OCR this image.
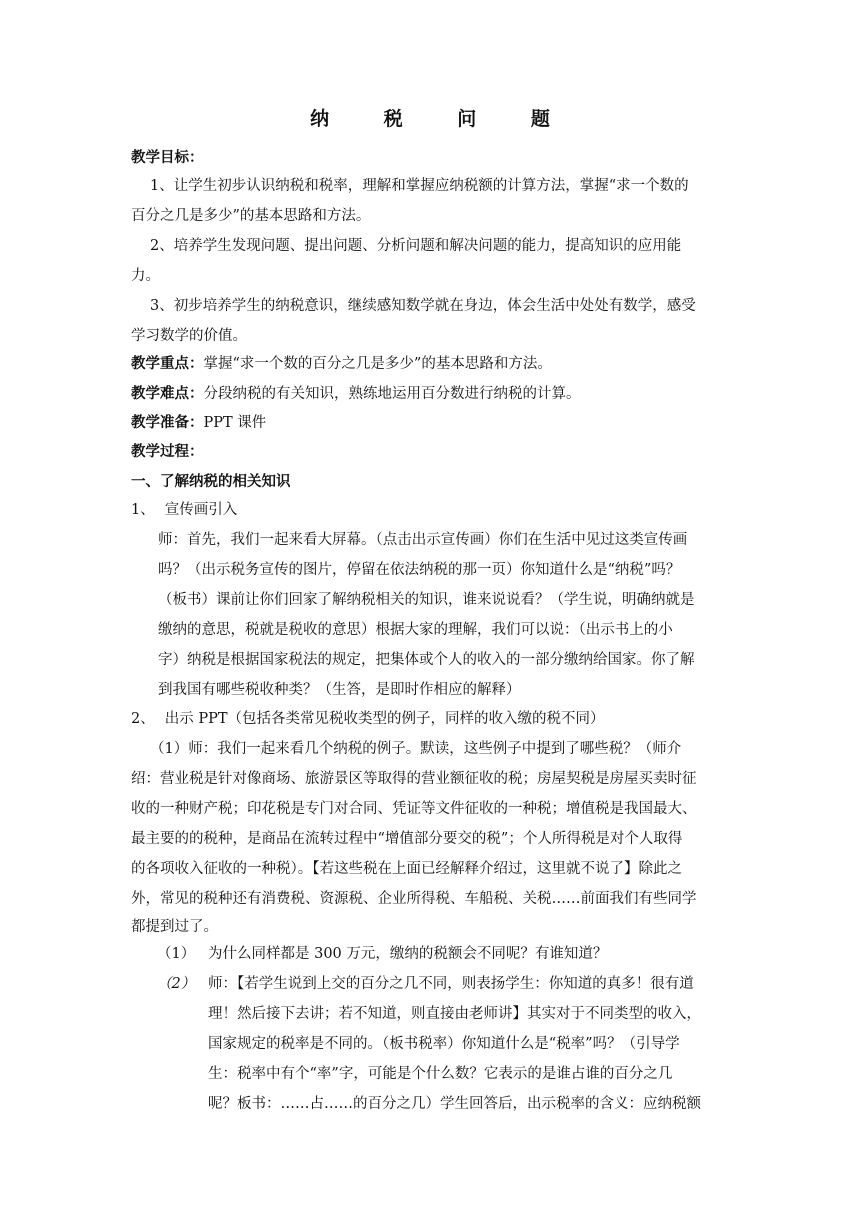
纳 税 问 题
教学目标：
1、让学生初步认识纳税和税率，理解和掌握应纳税额的计算方法，掌握“求一个数的
百分之几是多少”的基本思路和方法。
2、培养学生发现问题、提出问题、分析问题和解决问题的能力，提高知识的应用能
力。
3、初步培养学生的纳税意识，继续感知数学就在身边，体会生活中处处有数学，感受
学习数学的价值。
教学重点：掌握“求一个数的百分之几是多少”的基本思路和方法。
教学难点：分段纳税的有关知识，熟练地运用百分数进行纳税的计算。
教学准备：PPT 课件
教学过程：
一、了解纳税的相关知识
1、 宣传画引入
师：首先，我们一起来看大屏幕。（点击出示宣传画）你们在生活中见过这类宣传画
吗？（出示税务宣传的图片，停留在依法纳税的那一页）你知道什么是“纳税”吗？
（板书）课前让你们回家了解纳税相关的知识，谁来说说看？（学生说，明确纳就是
缴纳的意思，税就是税收的意思）根据大家的理解，我们可以说：（出示书上的小
字）纳税是根据国家税法的规定，把集体或个人的收入的一部分缴纳给国家。你了解
到我国有哪些税收种类？（生答，是即时作相应的解释）
2、 出示 PPT（包括各类常见税收类型的例子，同样的收入缴的税不同）
（1）师：我们一起来看几个纳税的例子。默读，这些例子中提到了哪些税？（师介
绍：营业税是针对像商场、旅游景区等取得的营业额征收的税；房屋契税是房屋买卖时征
收的一种财产税；印花税是专门对合同、凭证等文件征收的一种税；增值税是我国最大、
最主要的的税种，是商品在流转过程中“增值部分要交的税”；个人所得税是对个人取得
的各项收入征收的一种税）。【若这些税在上面已经解释介绍过，这里就不说了】除此之
外，常见的税种还有消费税、资源税、企业所得税、车船税、关税……前面我们有些同学
都提到过了。
（1） 为什么同样都是 300 万元，缴纳的税额会不同呢？有谁知道？
（2） 师：【若学生说到上交的百分之几不同，则表扬学生：你知道的真多！很有道
理！然后接下去讲；若不知道，则直接由老师讲】其实对于不同类型的收入，
国家规定的税率是不同的。（板书税率）你知道什么是“税率”吗？（引导学
生：税率中有个“率”字，可能是个什么数？它表示的是谁占谁的百分之几
呢？板书：……占……的百分之几）学生回答后，出示税率的含义：应纳税额
